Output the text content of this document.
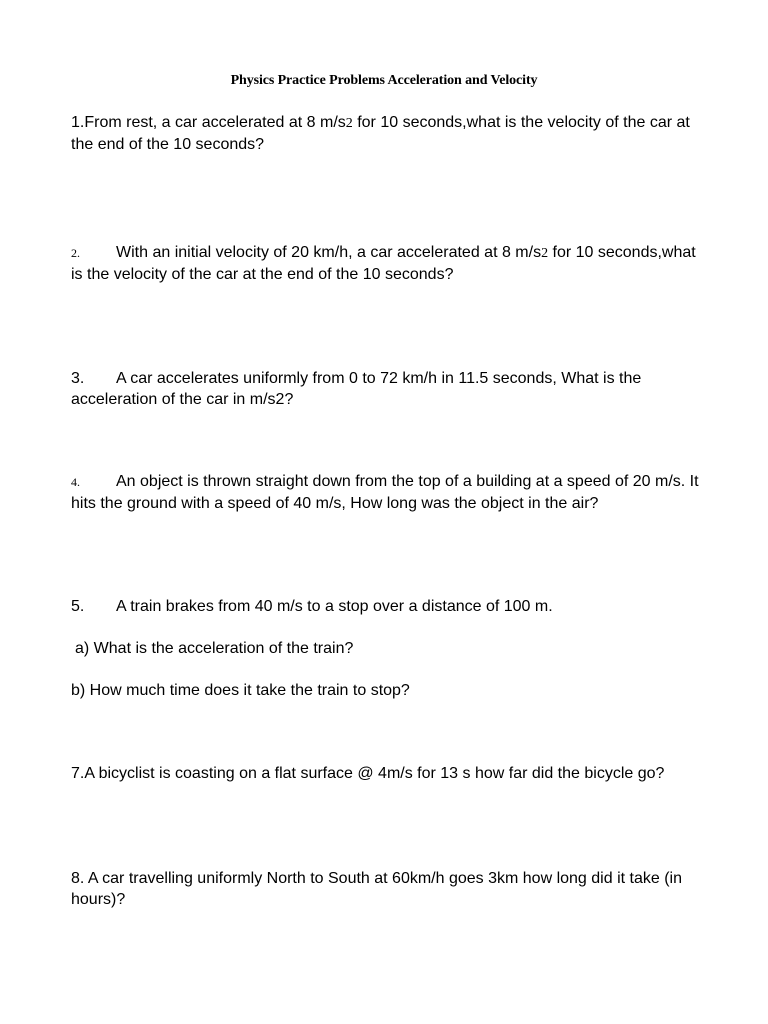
Physics Practice Problems Acceleration and Velocity
1.From rest, a car accelerated at 8 m/s2 for 10 seconds,what is the velocity of the car at the end of the 10 seconds?
2. With an initial velocity of 20 km/h, a car accelerated at 8 m/s2 for 10 seconds,what is the velocity of the car at the end of the 10 seconds?
3. A car accelerates uniformly from 0 to 72 km/h in 11.5 seconds, What is the acceleration of the car in m/s2?
4. An object is thrown straight down from the top of a building at a speed of 20 m/s. It hits the ground with a speed of 40 m/s, How long was the object in the air?
5. A train brakes from 40 m/s to a stop over a distance of 100 m.
a) What is the acceleration of the train?
b) How much time does it take the train to stop?
7.A bicyclist is coasting on a flat surface @ 4m/s for 13 s how far did the bicycle go?
8. A car travelling uniformly North to South at 60km/h goes 3km how long did it take (in hours)?
